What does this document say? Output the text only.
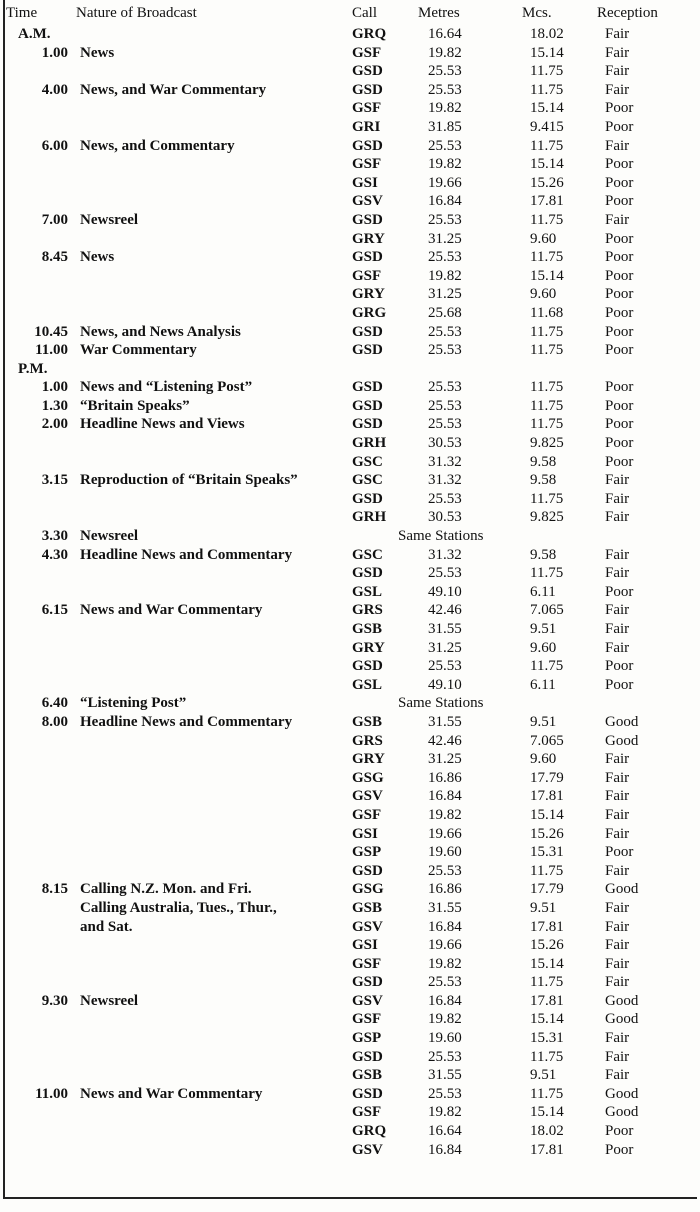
Time	Nature of Broadcast	Call	Metres	Mcs.	Reception
A.M.		GRQ	16.64	18.02	Fair
1.00	News	GSF	19.82	15.14	Fair
		GSD	25.53	11.75	Fair
4.00	News, and War Commentary	GSD	25.53	11.75	Fair
		GSF	19.82	15.14	Poor
		GRI	31.85	9.415	Poor
6.00	News, and Commentary	GSD	25.53	11.75	Fair
		GSF	19.82	15.14	Poor
		GSI	19.66	15.26	Poor
		GSV	16.84	17.81	Poor
7.00	Newsreel	GSD	25.53	11.75	Fair
		GRY	31.25	9.60	Poor
8.45	News	GSD	25.53	11.75	Poor
		GSF	19.82	15.14	Poor
		GRY	31.25	9.60	Poor
		GRG	25.68	11.68	Poor
10.45	News, and News Analysis	GSD	25.53	11.75	Poor
11.00	War Commentary	GSD	25.53	11.75	Poor
P.M.					
1.00	News and “Listening Post”	GSD	25.53	11.75	Poor
1.30	“Britain Speaks”	GSD	25.53	11.75	Poor
2.00	Headline News and Views	GSD	25.53	11.75	Poor
		GRH	30.53	9.825	Poor
		GSC	31.32	9.58	Poor
3.15	Reproduction of “Britain Speaks”	GSC	31.32	9.58	Fair
		GSD	25.53	11.75	Fair
		GRH	30.53	9.825	Fair
3.30	Newsreel	Same Stations			
4.30	Headline News and Commentary	GSC	31.32	9.58	Fair
		GSD	25.53	11.75	Fair
		GSL	49.10	6.11	Poor
6.15	News and War Commentary	GRS	42.46	7.065	Fair
		GSB	31.55	9.51	Fair
		GRY	31.25	9.60	Fair
		GSD	25.53	11.75	Poor
		GSL	49.10	6.11	Poor
6.40	“Listening Post”	Same Stations			
8.00	Headline News and Commentary	GSB	31.55	9.51	Good
		GRS	42.46	7.065	Good
		GRY	31.25	9.60	Fair
		GSG	16.86	17.79	Fair
		GSV	16.84	17.81	Fair
		GSF	19.82	15.14	Fair
		GSI	19.66	15.26	Fair
		GSP	19.60	15.31	Poor
		GSD	25.53	11.75	Fair
8.15	Calling N.Z. Mon. and Fri.	GSG	16.86	17.79	Good
	Calling Australia, Tues., Thur.,	GSB	31.55	9.51	Fair
	and Sat.	GSV	16.84	17.81	Fair
		GSI	19.66	15.26	Fair
		GSF	19.82	15.14	Fair
		GSD	25.53	11.75	Fair
9.30	Newsreel	GSV	16.84	17.81	Good
		GSF	19.82	15.14	Good
		GSP	19.60	15.31	Fair
		GSD	25.53	11.75	Fair
		GSB	31.55	9.51	Fair
11.00	News and War Commentary	GSD	25.53	11.75	Good
		GSF	19.82	15.14	Good
		GRQ	16.64	18.02	Poor
		GSV	16.84	17.81	Poor
